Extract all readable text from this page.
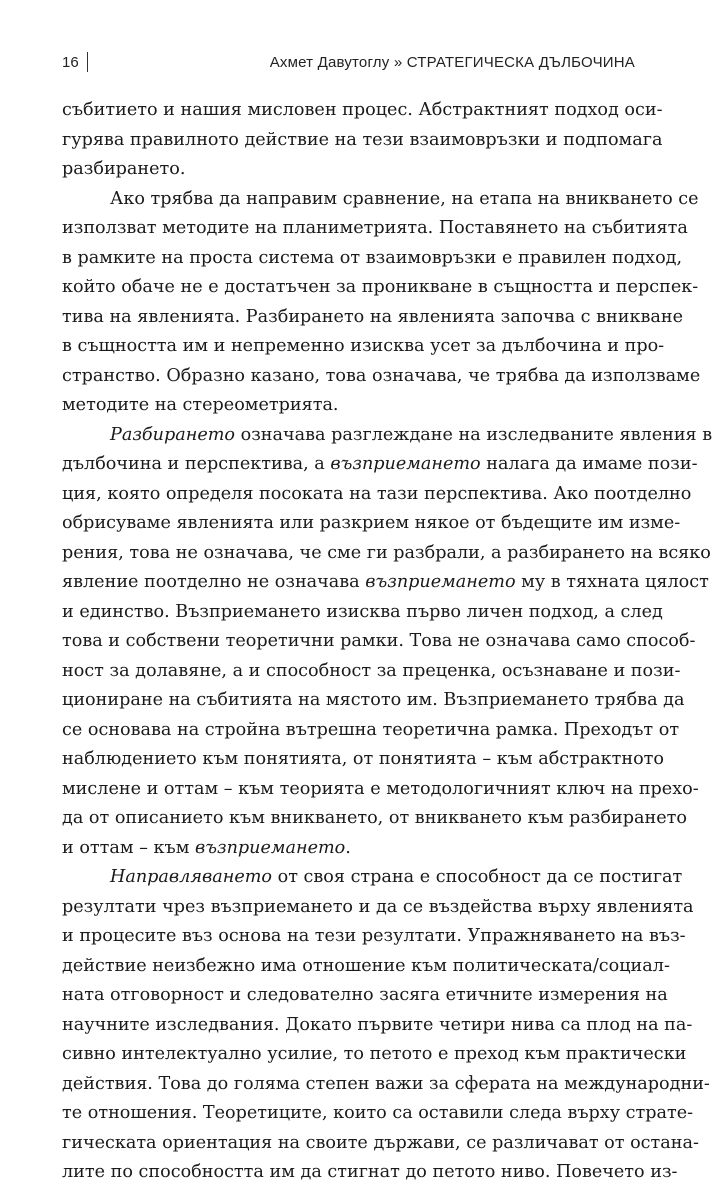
16	Ахмет Давутоглу » СТРАТЕГИЧЕСКА ДЪЛБОЧИНА
събитието и нашия мисловен процес. Абстрактният подход оси-
гурява правилното действие на тези взаимовръзки и подпомага
разбирането.
Ако трябва да направим сравнение, на етапа на вникването се
използват методите на планиметрията. Поставянето на събитията
в рамките на проста система от взаимовръзки е правилен подход,
който обаче не е достатъчен за проникване в същността и перспек-
тива на явленията. Разбирането на явленията започва с вникване
в същността им и непременно изисква усет за дълбочина и про-
странство. Образно казано, това означава, че трябва да използваме
методите на стереометрията.
Разбирането означава разглеждане на изследваните явления в
дълбочина и перспектива, а възприемането налага да имаме пози-
ция, която определя посоката на тази перспектива. Ако поотделно
обрисуваме явленията или разкрием някое от бъдещите им изме-
рения, това не означава, че сме ги разбрали, а разбирането на всяко
явление поотделно не означава възприемането му в тяхната цялост
и единство. Възприемането изисква първо личен подход, а след
това и собствени теоретични рамки. Това не означава само способ-
ност за долавяне, а и способност за преценка, осъзнаване и пози-
циониране на събитията на мястото им. Възприемането трябва да
се основава на стройна вътрешна теоретична рамка. Преходът от
наблюдението към понятията, от понятията – към абстрактното
мислене и оттам – към теорията е методологичният ключ на прехо-
да от описанието към вникването, от вникването към разбирането
и оттам – към възприемането.
Направляването от своя страна е способност да се постигат
резултати чрез възприемането и да се въздейства върху явленията
и процесите въз основа на тези резултати. Упражняването на въз-
действие неизбежно има отношение към политическата/социал-
ната отговорност и следователно засяга етичните измерения на
научните изследвания. Докато първите четири нива са плод на па-
сивно интелектуално усилие, то петото е преход към практически
действия. Това до голяма степен важи за сферата на международни-
те отношения. Теоретиците, които са оставили следа върху страте-
гическата ориентация на своите държави, се различават от остана-
лите по способността им да стигнат до петото ниво. Повечето из-
